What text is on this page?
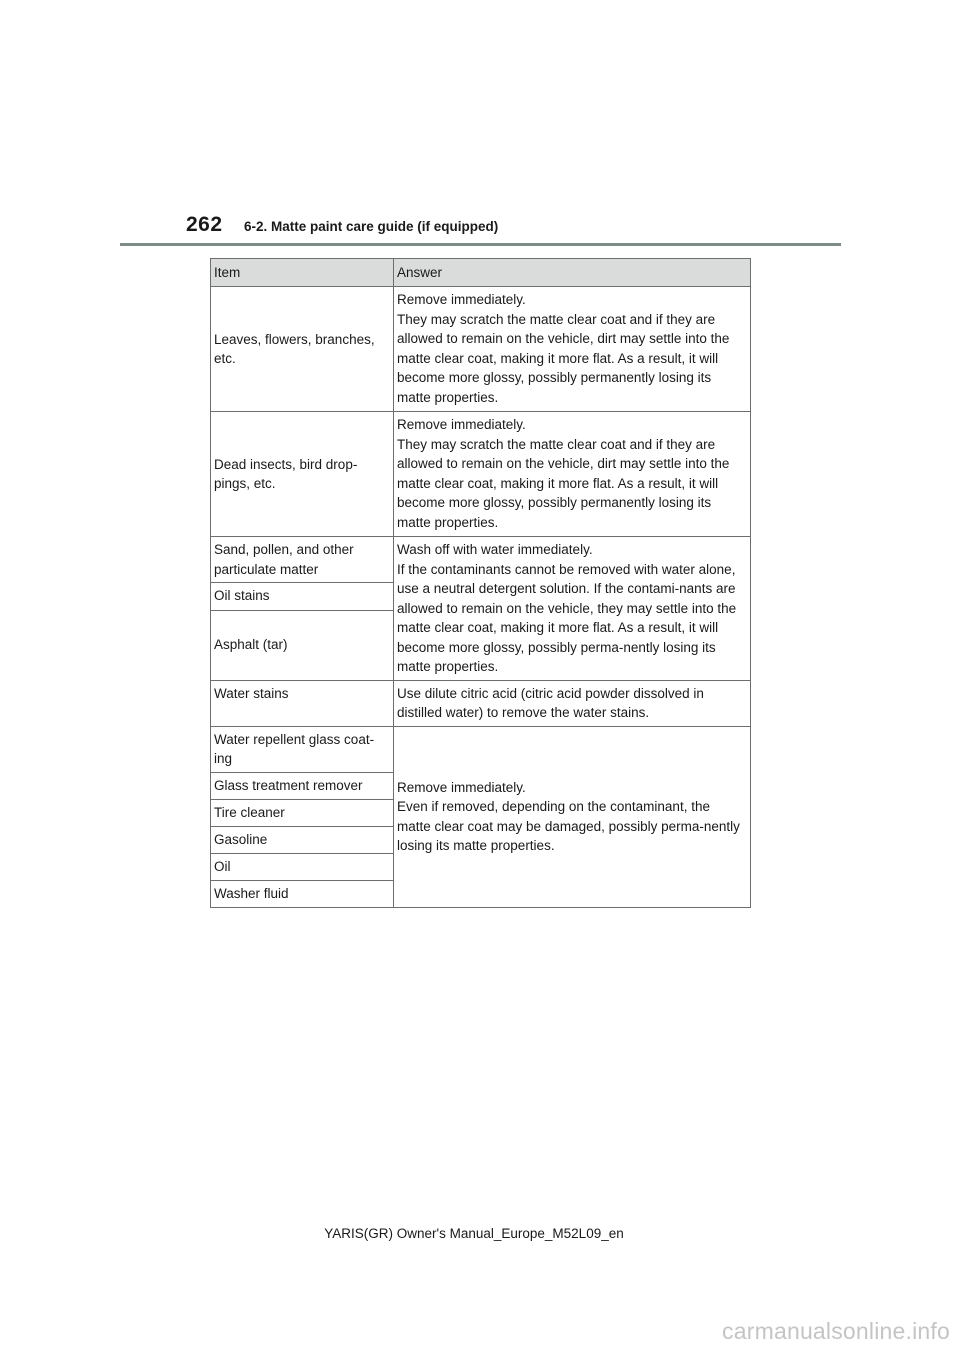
262 6-2. Matte paint care guide (if equipped)
Item	Answer
Leaves, flowers, branches, etc.	Remove immediately.
They may scratch the matte clear coat and if they are allowed to remain on the vehicle, dirt may settle into the matte clear coat, making it more flat. As a result, it will become more glossy, possibly permanently losing its matte properties.

Dead insects, bird drop-pings, etc.	Remove immediately.
They may scratch the matte clear coat and if they are allowed to remain on the vehicle, dirt may settle into the matte clear coat, making it more flat. As a result, it will become more glossy, possibly permanently losing its matte properties.

Sand, pollen, and other particulate matter	Wash off with water immediately.
If the contaminants cannot be removed with water alone, use a neutral detergent solution. If the contami-nants are allowed to remain on the vehicle, they may settle into the matte clear coat, making it more flat. As a result, it will become more glossy, possibly perma-nently losing its matte properties.

Oil stains	
Asphalt (tar)	
Water stains	Use dilute citric acid (citric acid powder dissolved in distilled water) to remove the water stains.

Water repellent glass coat-ing	Remove immediately.
Even if removed, depending on the contaminant, the matte clear coat may be damaged, possibly perma-nently losing its matte properties.

Glass treatment remover	
Tire cleaner	
Gasoline	
Oil	
Washer fluid	
YARIS(GR) Owner's Manual_Europe_M52L09_en
carmanualsonline.info
